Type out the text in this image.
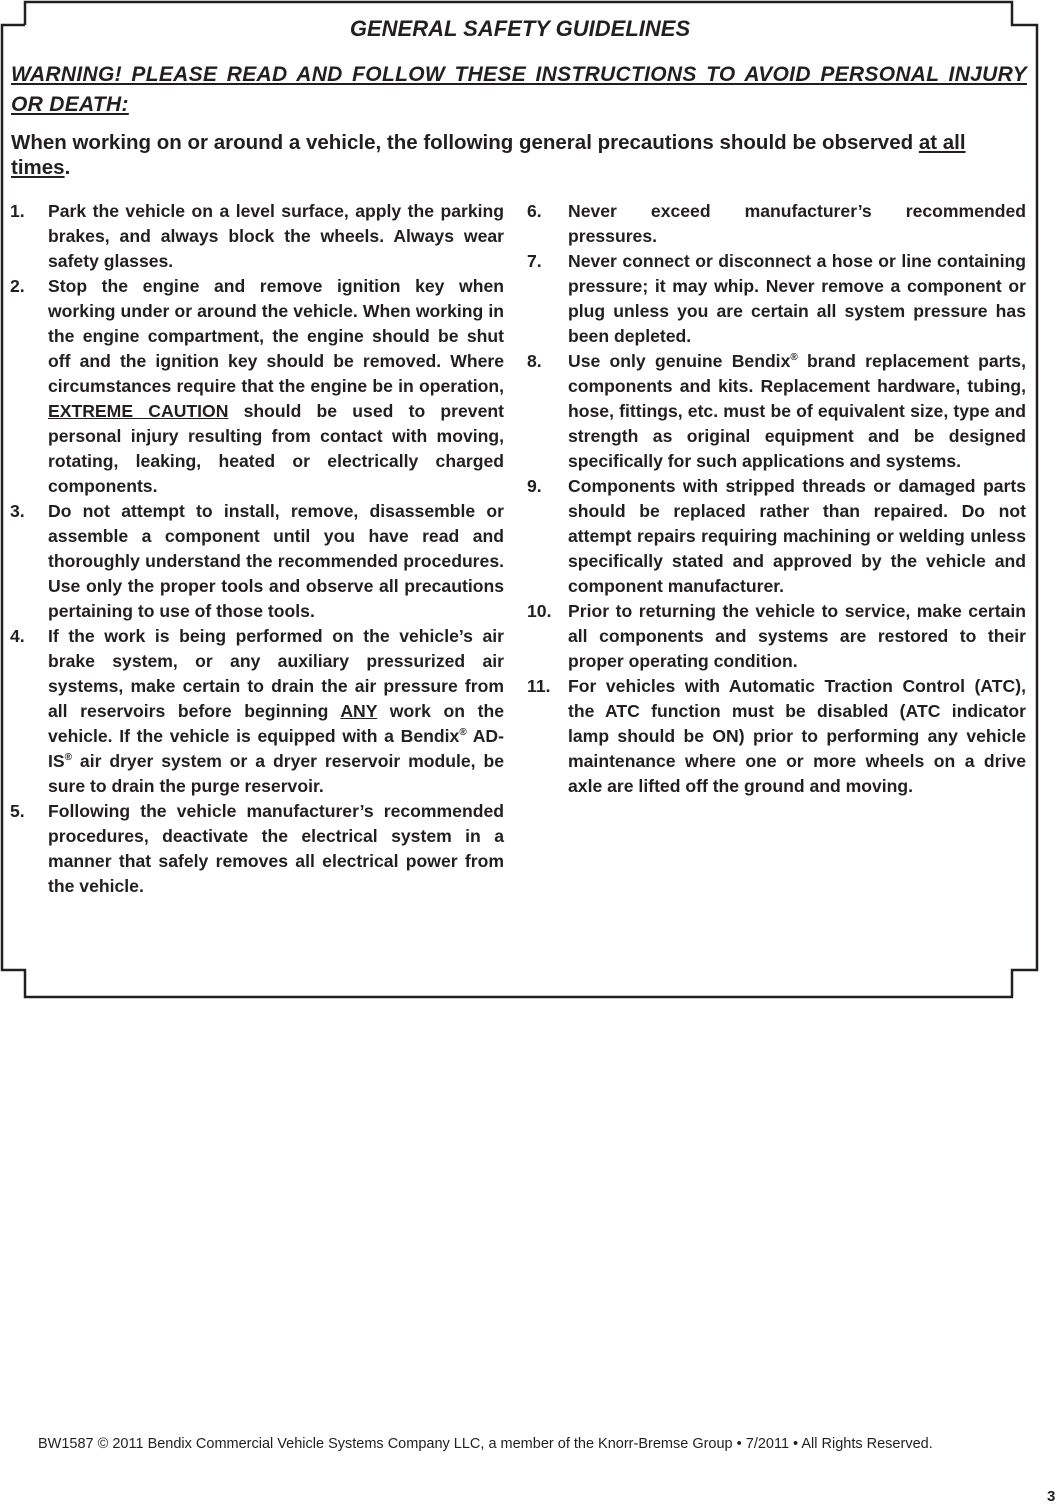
GENERAL SAFETY GUIDELINES
WARNING! PLEASE READ AND FOLLOW THESE INSTRUCTIONS TO AVOID PERSONAL INJURY OR DEATH:
When working on or around a vehicle, the following general precautions should be observed at all times.
1. Park the vehicle on a level surface, apply the parking brakes, and always block the wheels. Always wear safety glasses.
2. Stop the engine and remove ignition key when working under or around the vehicle. When working in the engine compartment, the engine should be shut off and the ignition key should be removed. Where circumstances require that the engine be in operation, EXTREME CAUTION should be used to prevent personal injury resulting from contact with moving, rotating, leaking, heated or electrically charged components.
3. Do not attempt to install, remove, disassemble or assemble a component until you have read and thoroughly understand the recommended procedures. Use only the proper tools and observe all precautions pertaining to use of those tools.
4. If the work is being performed on the vehicle’s air brake system, or any auxiliary pressurized air systems, make certain to drain the air pressure from all reservoirs before beginning ANY work on the vehicle. If the vehicle is equipped with a Bendix® AD-IS® air dryer system or a dryer reservoir module, be sure to drain the purge reservoir.
5. Following the vehicle manufacturer’s recommended procedures, deactivate the electrical system in a manner that safely removes all electrical power from the vehicle.
6. Never exceed manufacturer’s recommended pressures.
7. Never connect or disconnect a hose or line containing pressure; it may whip. Never remove a component or plug unless you are certain all system pressure has been depleted.
8. Use only genuine Bendix® brand replacement parts, components and kits. Replacement hardware, tubing, hose, fittings, etc. must be of equivalent size, type and strength as original equipment and be designed specifically for such applications and systems.
9. Components with stripped threads or damaged parts should be replaced rather than repaired. Do not attempt repairs requiring machining or welding unless specifically stated and approved by the vehicle and component manufacturer.
10. Prior to returning the vehicle to service, make certain all components and systems are restored to their proper operating condition.
11. For vehicles with Automatic Traction Control (ATC), the ATC function must be disabled (ATC indicator lamp should be ON) prior to performing any vehicle maintenance where one or more wheels on a drive axle are lifted off the ground and moving.
BW1587 © 2011 Bendix Commercial Vehicle Systems Company LLC, a member of the Knorr-Bremse Group • 7/2011 • All Rights Reserved.
3
